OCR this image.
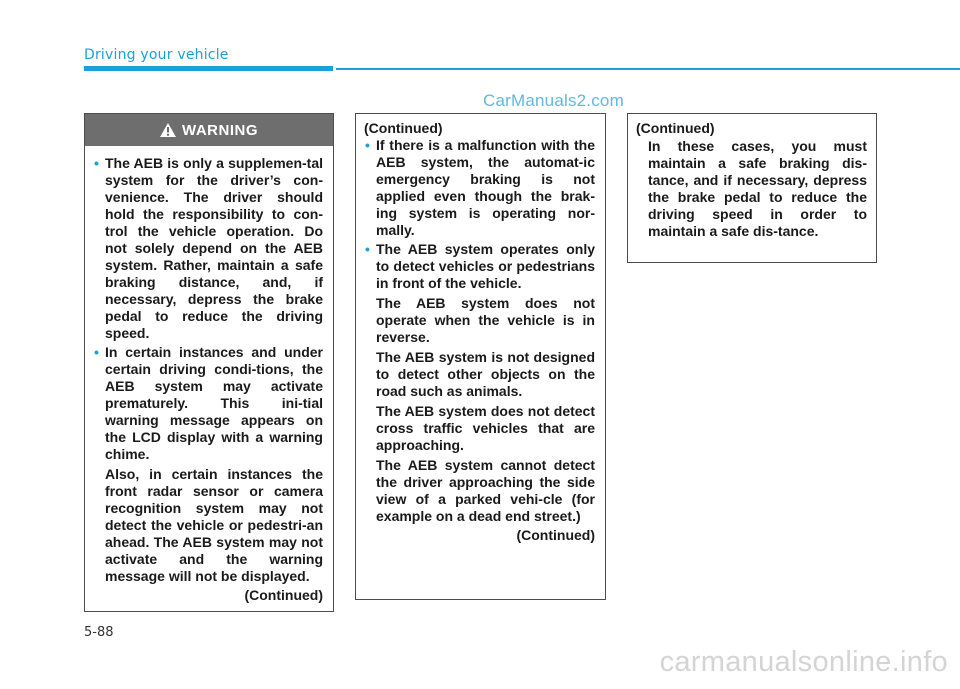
Driving your vehicle
CarManuals2.com
WARNING
• The AEB is only a supplemen-tal system for the driver’s con-venience. The driver should hold the responsibility to con-trol the vehicle operation. Do not solely depend on the AEB system. Rather, maintain a safe braking distance, and, if necessary, depress the brake pedal to reduce the driving speed.
• In certain instances and under certain driving condi-tions, the AEB system may activate prematurely. This ini-tial warning message appears on the LCD display with a warning chime.
Also, in certain instances the front radar sensor or camera recognition system may not detect the vehicle or pedestri-an ahead. The AEB system may not activate and the warning message will not be displayed.
(Continued)
(Continued)
• If there is a malfunction with the AEB system, the automat-ic emergency braking is not applied even though the brak-ing system is operating nor-mally.
• The AEB system operates only to detect vehicles or pedestrians in front of the vehicle.
The AEB system does not operate when the vehicle is in reverse.
The AEB system is not designed to detect other objects on the road such as animals.
The AEB system does not detect cross traffic vehicles that are approaching.
The AEB system cannot detect the driver approaching the side view of a parked vehi-cle (for example on a dead end street.)
(Continued)
(Continued)
In these cases, you must maintain a safe braking dis-tance, and if necessary, depress the brake pedal to reduce the driving speed in order to maintain a safe dis-tance.
5-88
carmanualsonline.info
